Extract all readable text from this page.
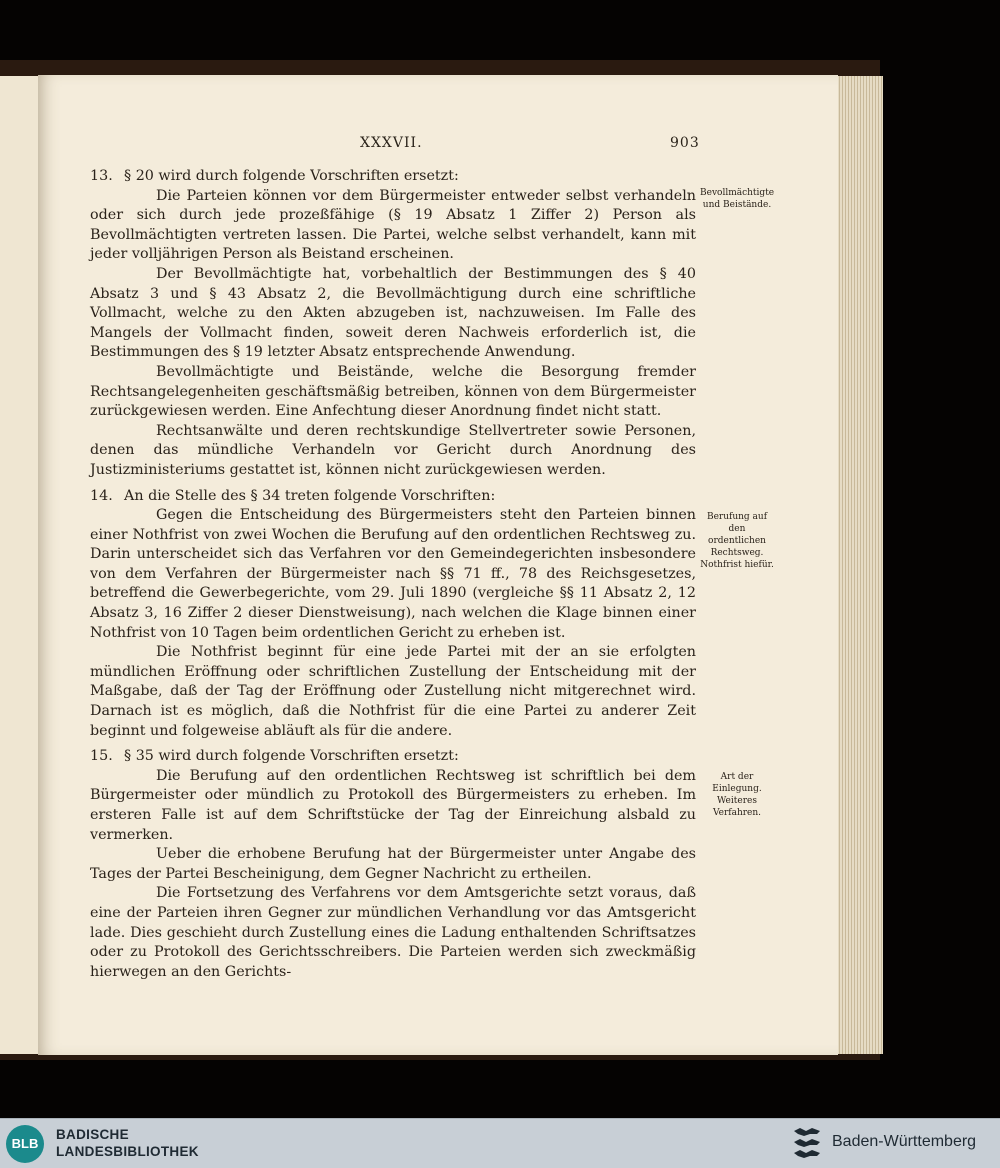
XXXVII.	903
13. § 20 wird durch folgende Vorschriften ersetzt:

Die Parteien können vor dem Bürgermeister entweder selbst verhandeln oder sich durch jede prozeßfähige (§ 19 Absatz 1 Ziffer 2) Person als Bevollmächtigten vertreten lassen. Die Partei, welche selbst verhandelt, kann mit jeder volljährigen Person als Beistand erscheinen.

Der Bevollmächtigte hat, vorbehaltlich der Bestimmungen des § 40 Absatz 3 und § 43 Absatz 2, die Bevollmächtigung durch eine schriftliche Vollmacht, welche zu den Akten abzugeben ist, nachzuweisen. Im Falle des Mangels der Vollmacht finden, soweit deren Nachweis erforderlich ist, die Bestimmungen des § 19 letzter Absatz entsprechende Anwendung.

Bevollmächtigte und Beistände, welche die Besorgung fremder Rechtsangelegenheiten geschäftsmäßig betreiben, können von dem Bürgermeister zurückgewiesen werden. Eine Anfechtung dieser Anordnung findet nicht statt.

Rechtsanwälte und deren rechtskundige Stellvertreter sowie Personen, denen das mündliche Verhandeln vor Gericht durch Anordnung des Justizministeriums gestattet ist, können nicht zurückgewiesen werden.

14. An die Stelle des § 34 treten folgende Vorschriften:

Gegen die Entscheidung des Bürgermeisters steht den Parteien binnen einer Nothfrist von zwei Wochen die Berufung auf den ordentlichen Rechtsweg zu. Darin unterscheidet sich das Verfahren vor den Gemeindegerichten insbesondere von dem Verfahren der Bürgermeister nach §§ 71 ff., 78 des Reichsgesetzes, betreffend die Gewerbegerichte, vom 29. Juli 1890 (vergleiche §§ 11 Absatz 2, 12 Absatz 3, 16 Ziffer 2 dieser Dienstweisung), nach welchen die Klage binnen einer Nothfrist von 10 Tagen beim ordentlichen Gericht zu erheben ist.

Die Nothfrist beginnt für eine jede Partei mit der an sie erfolgten mündlichen Eröffnung oder schriftlichen Zustellung der Entscheidung mit der Maßgabe, daß der Tag der Eröffnung oder Zustellung nicht mitgerechnet wird. Darnach ist es möglich, daß die Nothfrist für die eine Partei zu anderer Zeit beginnt und folgeweise abläuft als für die andere.

15. § 35 wird durch folgende Vorschriften ersetzt:

Die Berufung auf den ordentlichen Rechtsweg ist schriftlich bei dem Bürgermeister oder mündlich zu Protokoll des Bürgermeisters zu erheben. Im ersteren Falle ist auf dem Schriftstücke der Tag der Einreichung alsbald zu vermerken.

Ueber die erhobene Berufung hat der Bürgermeister unter Angabe des Tages der Partei Bescheinigung, dem Gegner Nachricht zu ertheilen.

Die Fortsetzung des Verfahrens vor dem Amtsgerichte setzt voraus, daß eine der Parteien ihren Gegner zur mündlichen Verhandlung vor das Amtsgericht lade. Dies geschieht durch Zustellung eines die Ladung enthaltenden Schriftsatzes oder zu Protokoll des Gerichtsschreibers. Die Parteien werden sich zweckmäßig hierwegen an den Gerichts-

Bevollmächtigte und Beistände.
Berufung auf den ordentlichen Rechtsweg. Nothfrist hiefür.
Art der Einlegung. Weiteres Verfahren.
BLB
BADISCHE
LANDESBIBLIOTHEK
Baden-Württemberg
